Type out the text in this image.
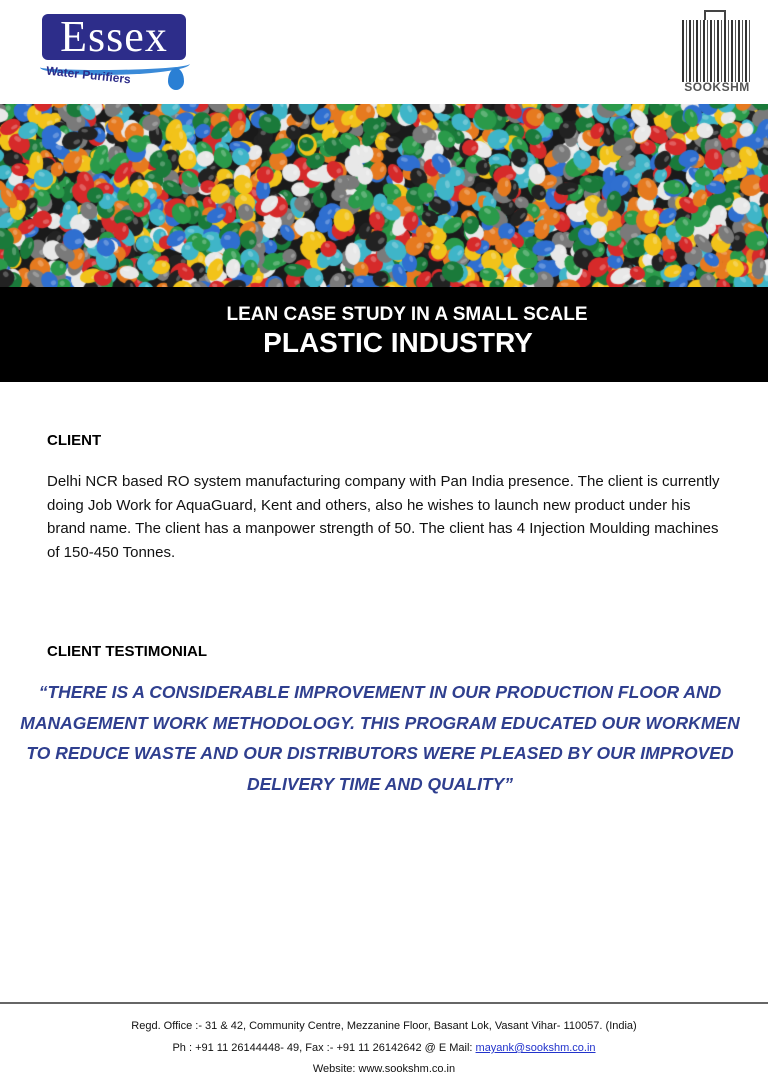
Essex
Water Purifiers
SOOKSHM
LEAN CASE STUDY IN A SMALL SCALE
PLASTIC INDUSTRY
CLIENT

Delhi NCR based RO system manufacturing company with Pan India presence. The client is currently doing Job Work for AquaGuard, Kent and others, also he wishes to launch new product under his brand name. The client has a manpower strength of 50. The client has 4 Injection Moulding machines of 150-450 Tonnes.

CLIENT TESTIMONIAL

“THERE IS A CONSIDERABLE IMPROVEMENT IN OUR PRODUCTION FLOOR AND MANAGEMENT WORK METHODOLOGY. THIS PROGRAM EDUCATED OUR WORKMEN TO REDUCE WASTE AND OUR DISTRIBUTORS WERE PLEASED BY OUR IMPROVED DELIVERY TIME AND QUALITY”

Regd. Office :- 31 & 42, Community Centre, Mezzanine Floor, Basant Lok, Vasant Vihar- 110057. (India)
Ph : +91 11 26144448- 49, Fax :- +91 11 26142642 @ E Mail: mayank@sookshm.co.in
Website: www.sookshm.co.in
